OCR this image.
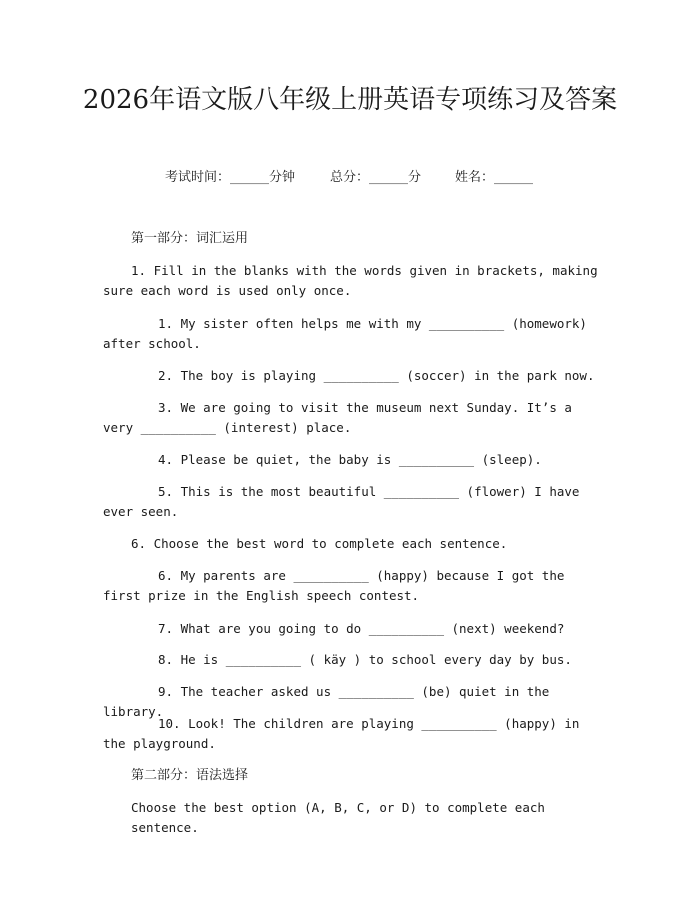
2026年语文版八年级上册英语专项练习及答案
考试时间：______分钟	总分：______分	姓名：______

第一部分：词汇运用

1. Fill in the blanks with the words given in brackets, making sure each word is used only once.

1. My sister often helps me with my __________ (homework) after school.

2. The boy is playing __________ (soccer) in the park now.

3. We are going to visit the museum next Sunday. It’s a very __________ (interest) place.

4. Please be quiet, the baby is __________ (sleep).

5. This is the most beautiful __________ (flower) I have ever seen.

6. Choose the best word to complete each sentence.

6. My parents are __________ (happy) because I got the first prize in the English speech contest.

7. What are you going to do __________ (next) weekend?

8. He is __________ ( käy ) to school every day by bus.

9. The teacher asked us __________ (be) quiet in the library.

10. Look! The children are playing __________ (happy) in the playground.

第二部分：语法选择

Choose the best option (A, B, C, or D) to complete each sentence.
